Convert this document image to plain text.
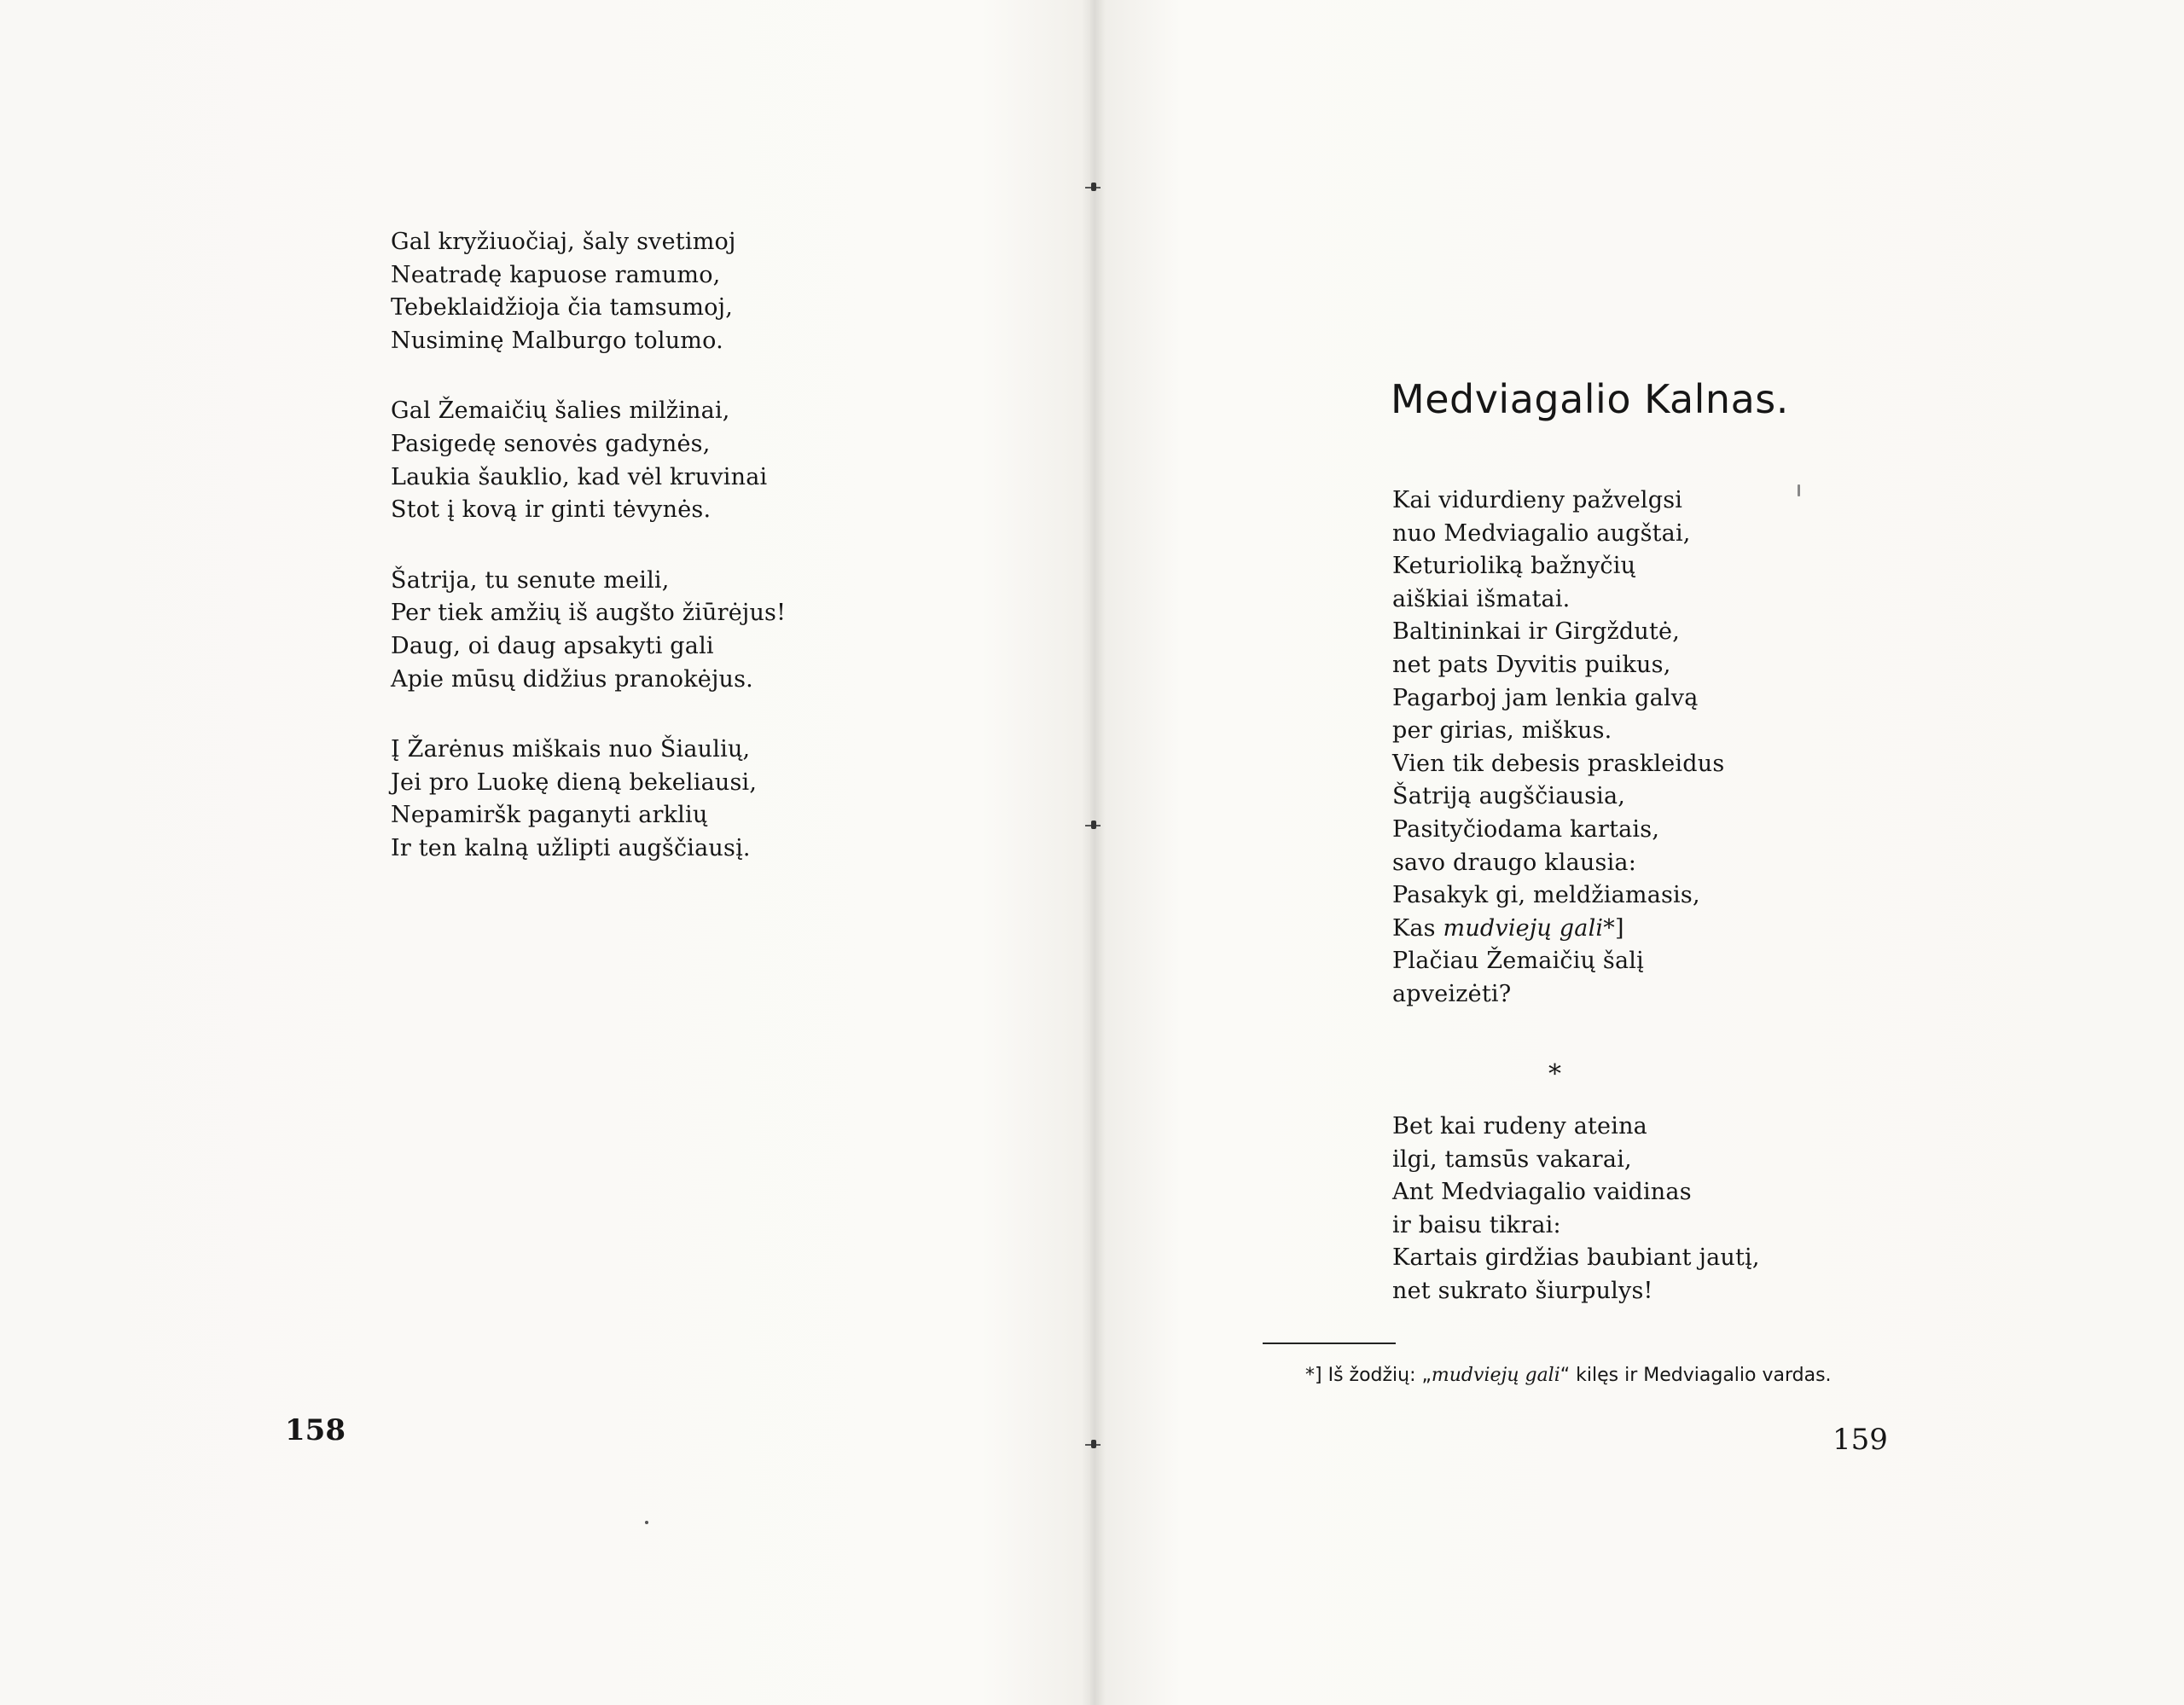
Gal kryžiuočiaj, šaly svetimoj
Neatradę kapuose ramumo,
Tebeklaidžioja čia tamsumoj,
Nusiminę Malburgo tolumo.
Gal Žemaičių šalies milžinai,
Pasigedę senovės gadynės,
Laukia šauklio, kad vėl kruvinai
Stot į kovą ir ginti tėvynės.
Šatrija, tu senute meili,
Per tiek amžių iš augšto žiūrėjus!
Daug, oi daug apsakyti gali
Apie mūsų didžius pranokėjus.
Į Žarėnus miškais nuo Šiaulių,
Jei pro Luokę dieną bekeliausi,
Nepamiršk paganyti arklių
Ir ten kalną užlipti augščiausį.
158
Medviagalio Kalnas.
Kai vidurdieny pažvelgsi
nuo Medviagalio augštai,
Keturioliką bažnyčių
aiškiai išmatai.
Baltininkai ir Girgždutė,
net pats Dyvitis puikus,
Pagarboj jam lenkia galvą
per girias, miškus.
Vien tik debesis praskleidus
Šatriją augščiausia,
Pasityčiodama kartais,
savo draugo klausia:
Pasakyk gi, meldžiamasis,
Kas mudviejų gali*]
Plačiau Žemaičių šalį
apveizėti?
*
Bet kai rudeny ateina
ilgi, tamsūs vakarai,
Ant Medviagalio vaidinas
ir baisu tikrai:
Kartais girdžias baubiant jautį,
net sukrato šiurpulys!
*] Iš žodžių: „mudviejų gali“ kilęs ir Medviagalio vardas.
159
